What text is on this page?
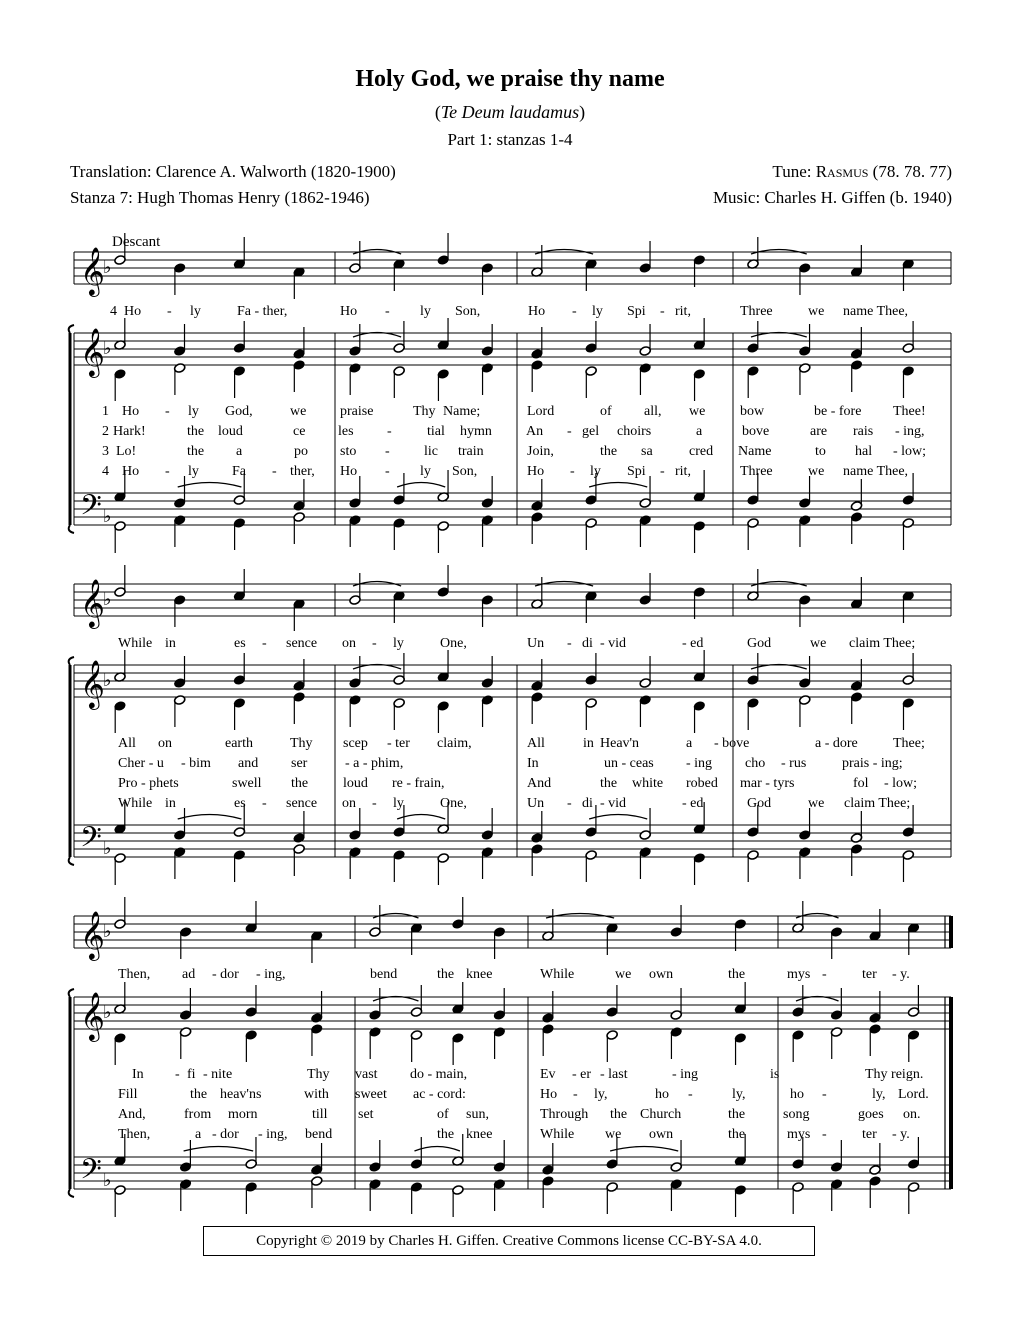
Holy God, we praise thy name
(Te Deum laudamus)
Part 1: stanzas 1-4
Translation: Clarence A. Walworth (1820-1900)
Stanza 7: Hugh Thomas Henry (1862-1946)
Tune: Rasmus (78. 78. 77)
Music: Charles H. Giffen (b. 1940)
𝄞
♭
𝄞
♭
𝄢 ♭
4 Ho - ly	Fa - ther,	Ho - ly Son,	Ho - ly Spi - rit,	Three	we name Thee,
1 Ho - ly God,	we praise	Thy Name;	Lord	of all, we bow	be - fore Thee!
2 Hark!	the loud	ce les -	tial hymn An - gel choirs	a	bove	are rais - ing,
3 Lo!	the a	po sto - lic train	Join,	the sa	cred Name	to hal - low;
4 Ho - ly Fa - ther, Ho - ly Son,	Ho - ly Spi - rit,	Three	we name Thee,
𝄞
♭
𝄞
♭
𝄢 ♭
While in	es - sence on - ly	One,	Un - di - vid	- ed	God	we claim Thee;
All on	earth	Thy scep - ter claim,	All	in Heav'n	a - bove	a - dore	Thee;
Cher - u - bim and ser	- a - phim,	In	un - ceas - ing cho - rus	prais - ing;
Pro - phets	swell the loud re - frain,	And	the white robed mar - tyrs	fol - low;
While in	es - sence on - ly	One,	Un - di - vid	- ed	God	we claim Thee;
𝄞
♭
𝄞
♭
𝄢 ♭
Then, ad - dor - ing,	bend	the knee	While	we own	the	mys -	ter - y.
In - fi - nite	Thy vast do - main,	Ev - er - last	- ing	is	Thy reign.
Fill	the heav'ns	with sweet ac - cord:	Ho - ly,	ho -	ly,	ho -	ly, Lord.
And,	from morn	till set	of sun,	Through the Church	the	song	goes on.
Then,	a - dor - ing, bend	the knee	While we own	the	mys -	ter - y.
Descant
Copyright © 2019 by Charles H. Giffen. Creative Commons license CC-BY-SA 4.0.
